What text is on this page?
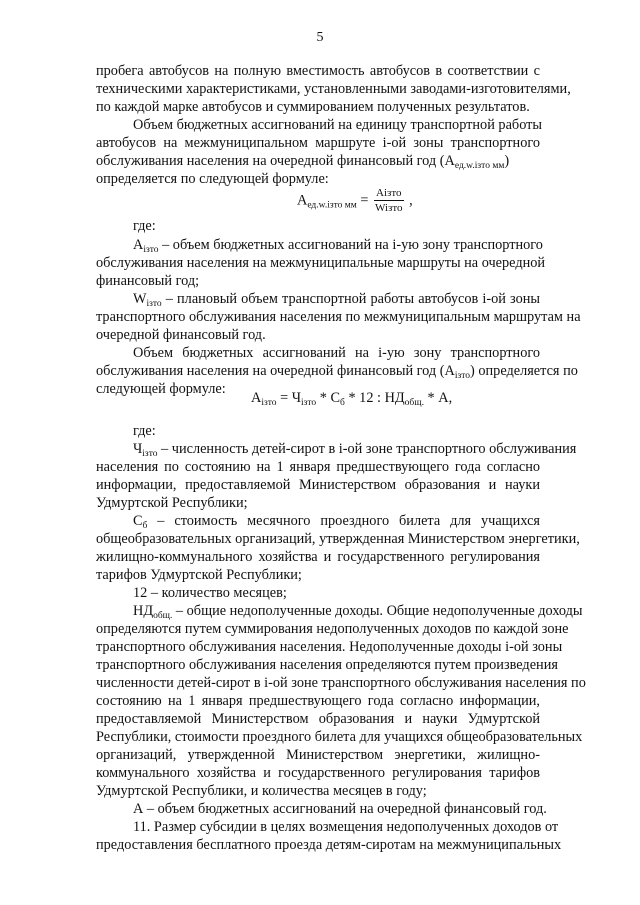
5
пробега автобусов на полную вместимость автобусов в соответствии с
техническими характеристиками, установленными заводами-изготовителями,
по каждой марке автобусов и суммированием полученных результатов.
Объем бюджетных ассигнований на единицу транспортной работы
автобусов на межмуниципальном маршруте i-ой зоны транспортного
обслуживания населения на очередной финансовый год $(А_{ед.w.iзто мм})$
определяется по следующей формуле:
$А_{ед.w.iзто мм} = \frac{\text{Аiзто}}{\text{Wiзто}}$ ,
где:
$А_{iзто}$ – объем бюджетных ассигнований на i-ую зону транспортного
обслуживания населения на межмуниципальные маршруты на очередной
финансовый год;
$W_{iзто}$ – плановый объем транспортной работы автобусов i-ой зоны
транспортного обслуживания населения по межмуниципальным маршрутам на
очередной финансовый год.
Объем бюджетных ассигнований на i-ую зону транспортного
обслуживания населения на очередной финансовый год $(А_{iзто})$ определяется по
следующей формуле:
$А_{iзто} = Ч_{iзто} * С_б * 12$ : $НД_{общ.}$ * А,
где:
$Ч_{iзто}$ – численность детей-сирот в i-ой зоне транспортного обслуживания
населения по состоянию на 1 января предшествующего года согласно
информации, предоставляемой Министерством образования и науки
Удмуртской Республики;
$С_б$ – стоимость месячного проездного билета для учащихся
общеобразовательных организаций, утвержденная Министерством энергетики,
жилищно-коммунального хозяйства и государственного регулирования
тарифов Удмуртской Республики;
12 – количество месяцев;
$НД_{общ.}$ – общие недополученные доходы. Общие недополученные доходы
определяются путем суммирования недополученных доходов по каждой зоне
транспортного обслуживания населения. Недополученные доходы i-ой зоны
транспортного обслуживания населения определяются путем произведения
численности детей-сирот в i-ой зоне транспортного обслуживания населения по
состоянию на 1 января предшествующего года согласно информации,
предоставляемой Министерством образования и науки Удмуртской
Республики, стоимости проездного билета для учащихся общеобразовательных
организаций, утвержденной Министерством энергетики, жилищно-
коммунального хозяйства и государственного регулирования тарифов
Удмуртской Республики, и количества месяцев в году;
А – объем бюджетных ассигнований на очередной финансовый год.
11. Размер субсидии в целях возмещения недополученных доходов от
предоставления бесплатного проезда детям-сиротам на межмуниципальных
